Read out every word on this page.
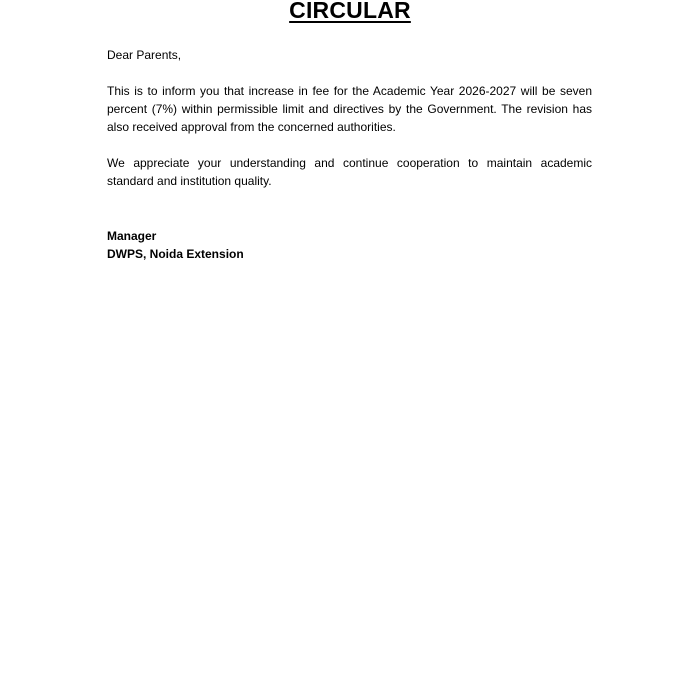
CIRCULAR

Dear Parents,

This is to inform you that increase in fee for the Academic Year 2026-2027 will be seven percent (7%) within permissible limit and directives by the Government. The revision has also received approval from the concerned authorities.

We appreciate your understanding and continue cooperation to maintain academic standard and institution quality.

Manager

DWPS, Noida Extension
